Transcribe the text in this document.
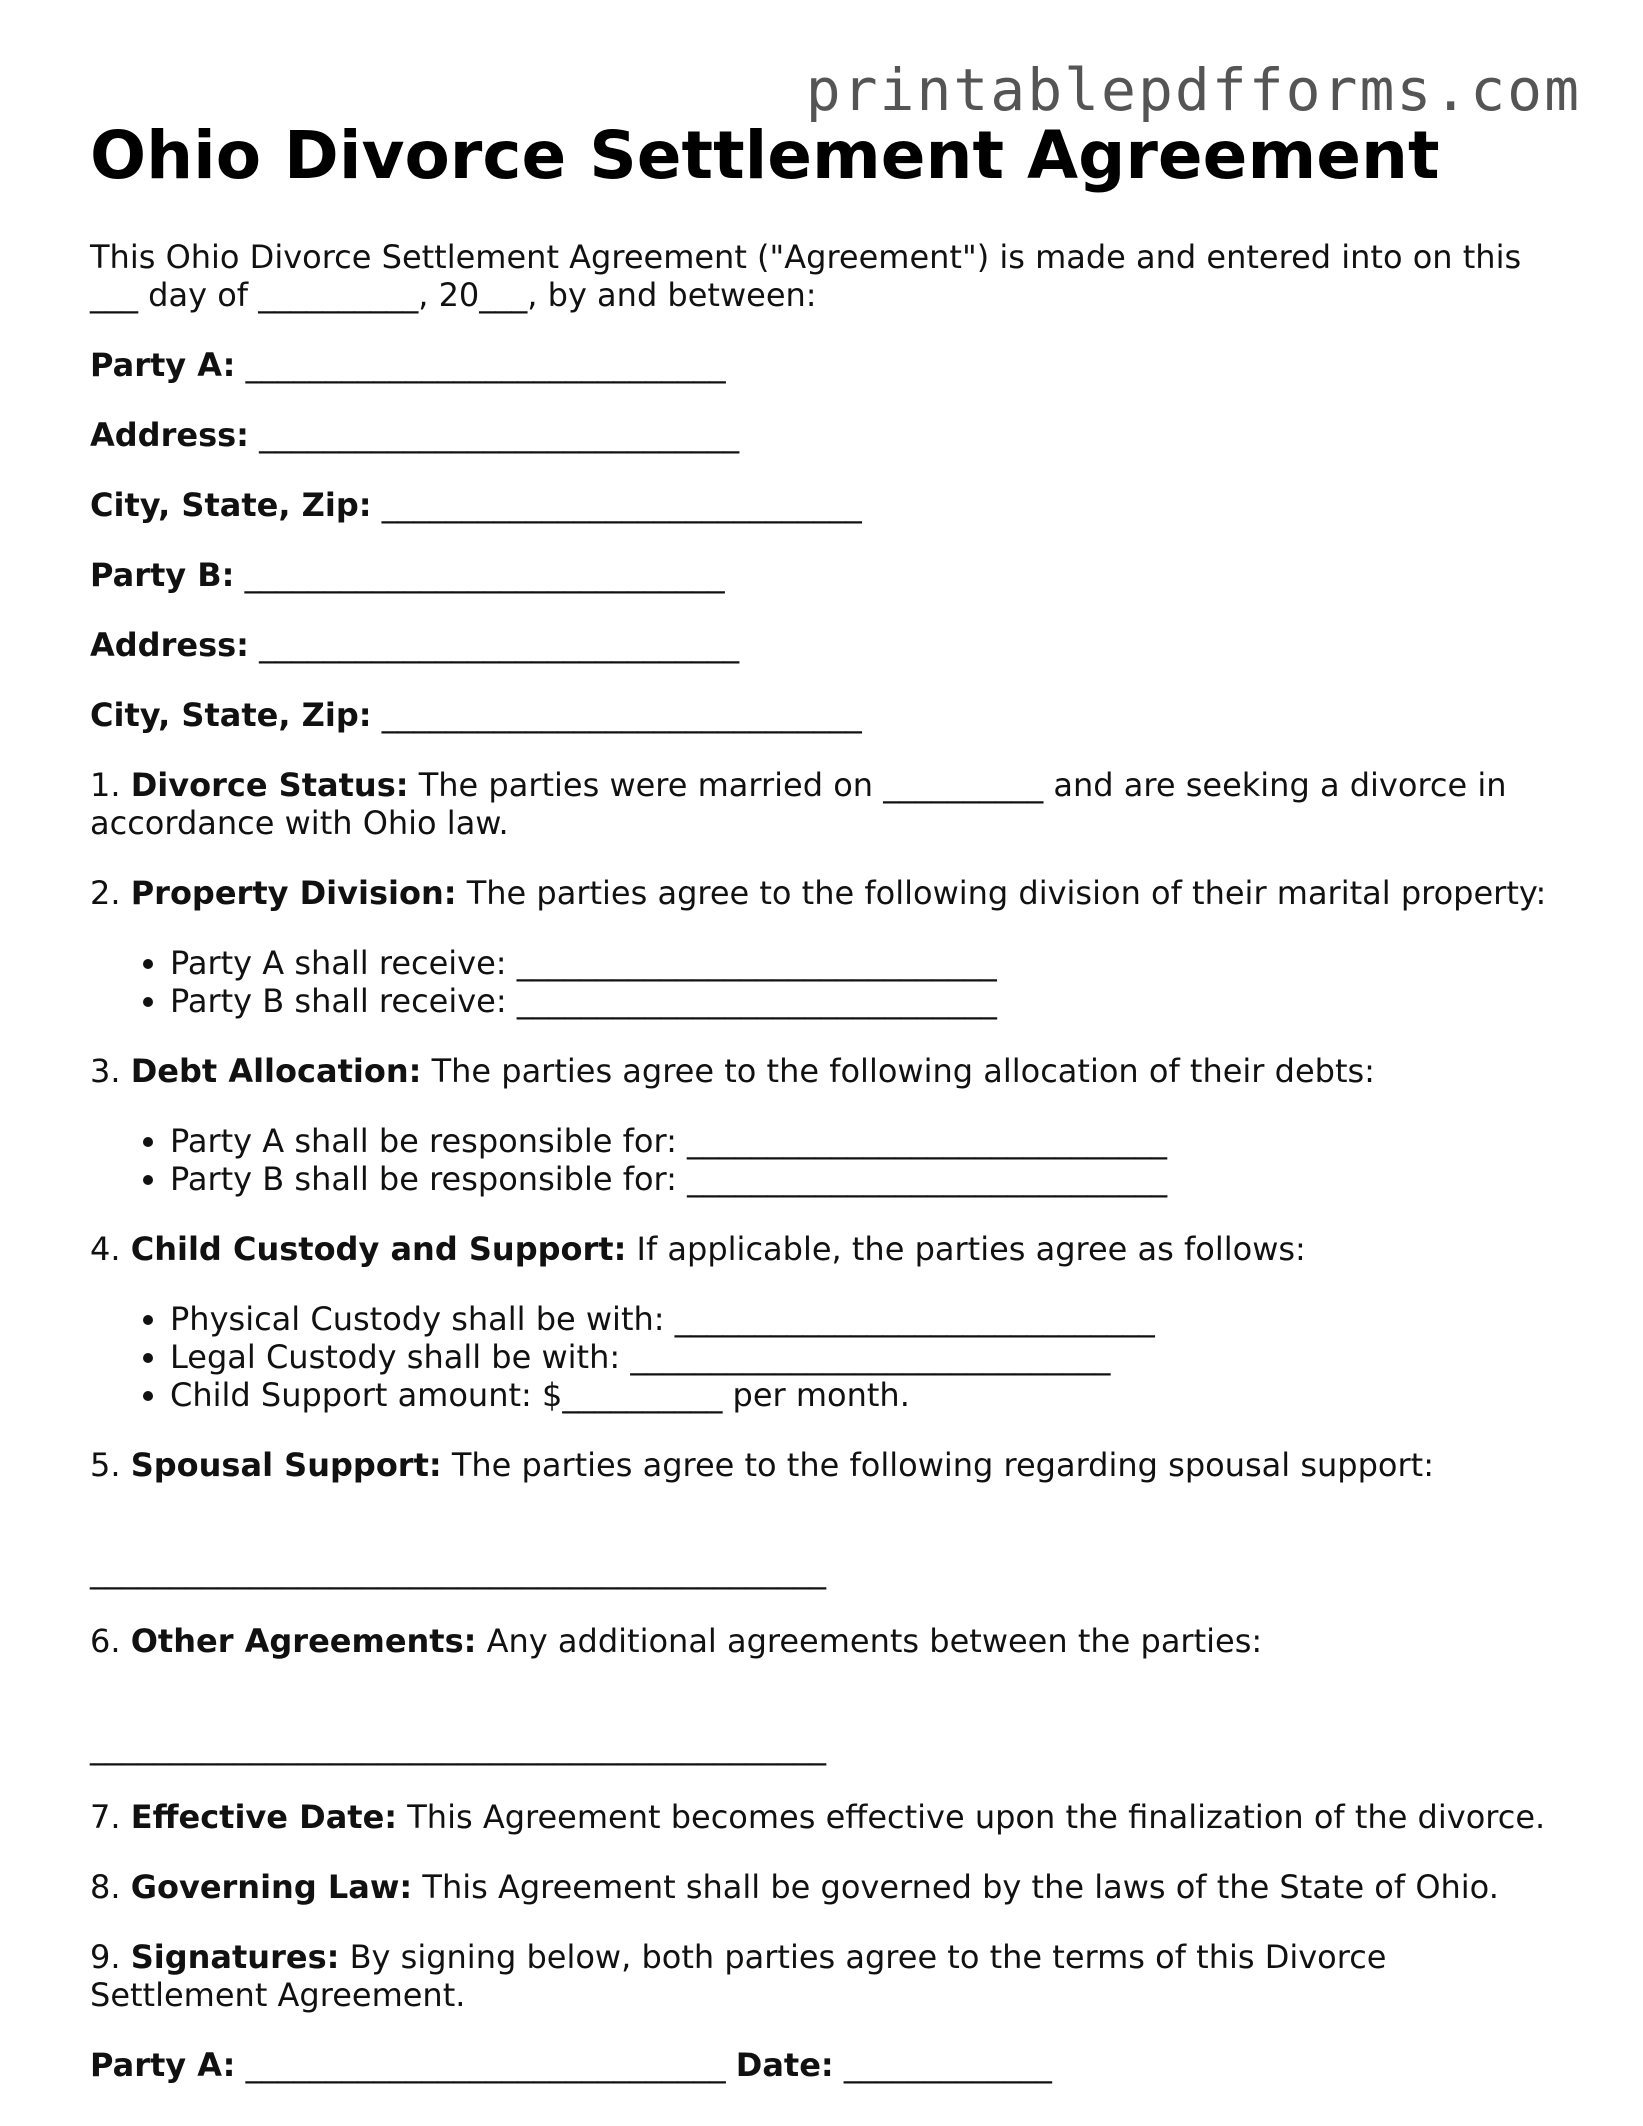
printablepdfforms.com
Ohio Divorce Settlement Agreement

This Ohio Divorce Settlement Agreement ("Agreement") is made and entered into on this
___ day of __________, 20___, by and between:

Party A: ______________________________

Address: ______________________________

City, State, Zip: ______________________________

Party B: ______________________________

Address: ______________________________

City, State, Zip: ______________________________

1. Divorce Status: The parties were married on __________ and are seeking a divorce in
accordance with Ohio law.

2. Property Division: The parties agree to the following division of their marital property:

• Party A shall receive: ______________________________
• Party B shall receive: ______________________________

3. Debt Allocation: The parties agree to the following allocation of their debts:

• Party A shall be responsible for: ______________________________
• Party B shall be responsible for: ______________________________

4. Child Custody and Support: If applicable, the parties agree as follows:

• Physical Custody shall be with: ______________________________
• Legal Custody shall be with: ______________________________
• Child Support amount: $__________ per month.

5. Spousal Support: The parties agree to the following regarding spousal support:

______________________________________________

6. Other Agreements: Any additional agreements between the parties:

______________________________________________

7. Effective Date: This Agreement becomes effective upon the finalization of the divorce.

8. Governing Law: This Agreement shall be governed by the laws of the State of Ohio.

9. Signatures: By signing below, both parties agree to the terms of this Divorce
Settlement Agreement.

Party A: ______________________________ Date: _____________
